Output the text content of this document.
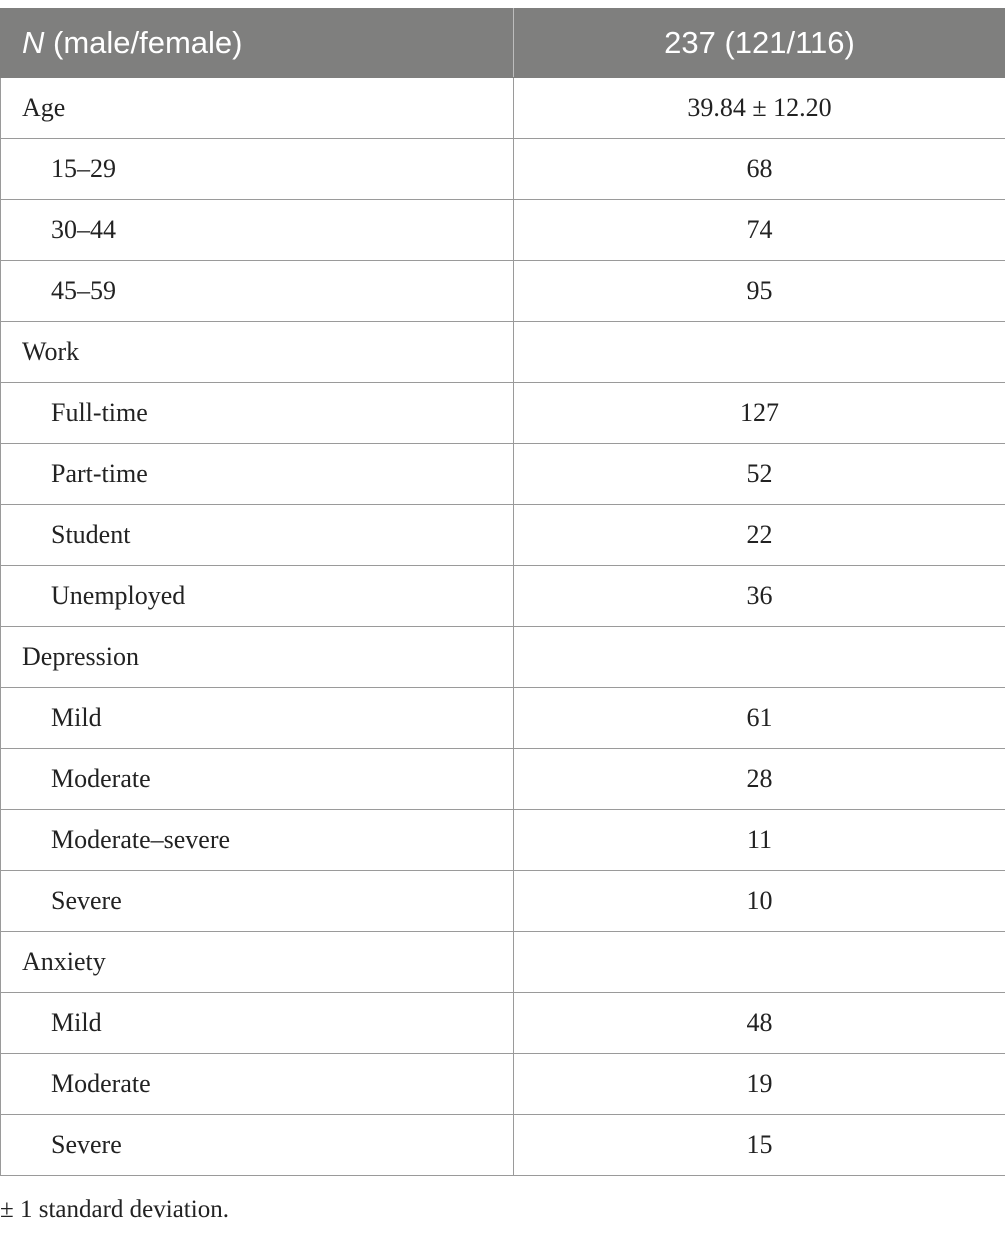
N (male/female)	237 (121/116)
Age	39.84 ± 12.20
15–29	68
30–44	74
45–59	95
Work	
Full-time	127
Part-time	52
Student	22
Unemployed	36
Depression	
Mild	61
Moderate	28
Moderate–severe	11
Severe	10
Anxiety	
Mild	48
Moderate	19
Severe	15
± 1 standard deviation.
